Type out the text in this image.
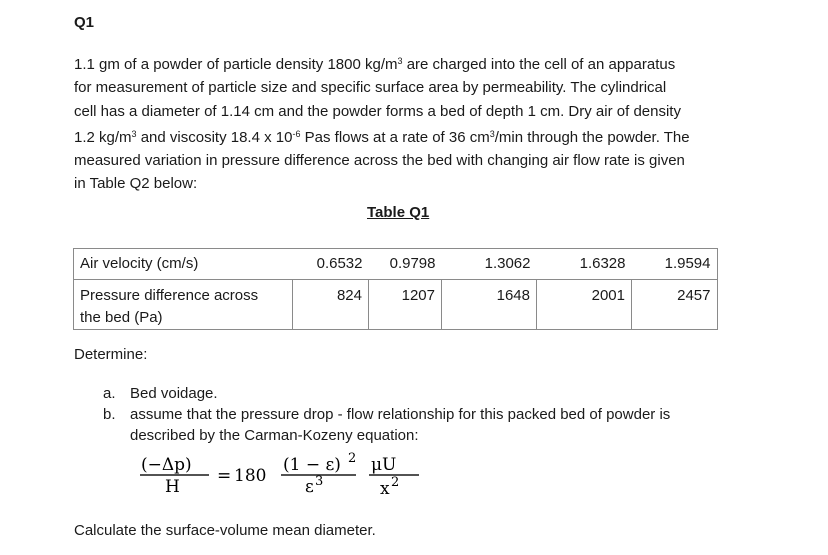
Q1
1.1 gm of a powder of particle density 1800 $kg/m^3$ are charged into the cell of an apparatus
for measurement of particle size and specific surface area by permeability. The cylindrical
cell has a diameter of 1.14 cm and the powder forms a bed of depth 1 cm. Dry air of density
1.2 $kg/m^3$ and viscosity 18.4 x $10^{-6}$ Pas flows at a rate of 36 $cm^3/\min$ through the powder. The
measured variation in pressure difference across the bed with changing air flow rate is given
in Table Q2 below:
Table Q1
Air velocity (cm/s)	0.6532	0.9798	1.3062	1.6328	1.9594
Pressure difference across
the bed (Pa)	824	1207	1648	2001	2457
Determine:
a. Bed voidage.
b. assume that the pressure drop - flow relationship for this packed bed of powder is
described by the Carman-Kozeny equation:
(−Δp)
H
= 180
(1 − ε) 2
ε 3
μU
x 2
Calculate the surface-volume mean diameter.
